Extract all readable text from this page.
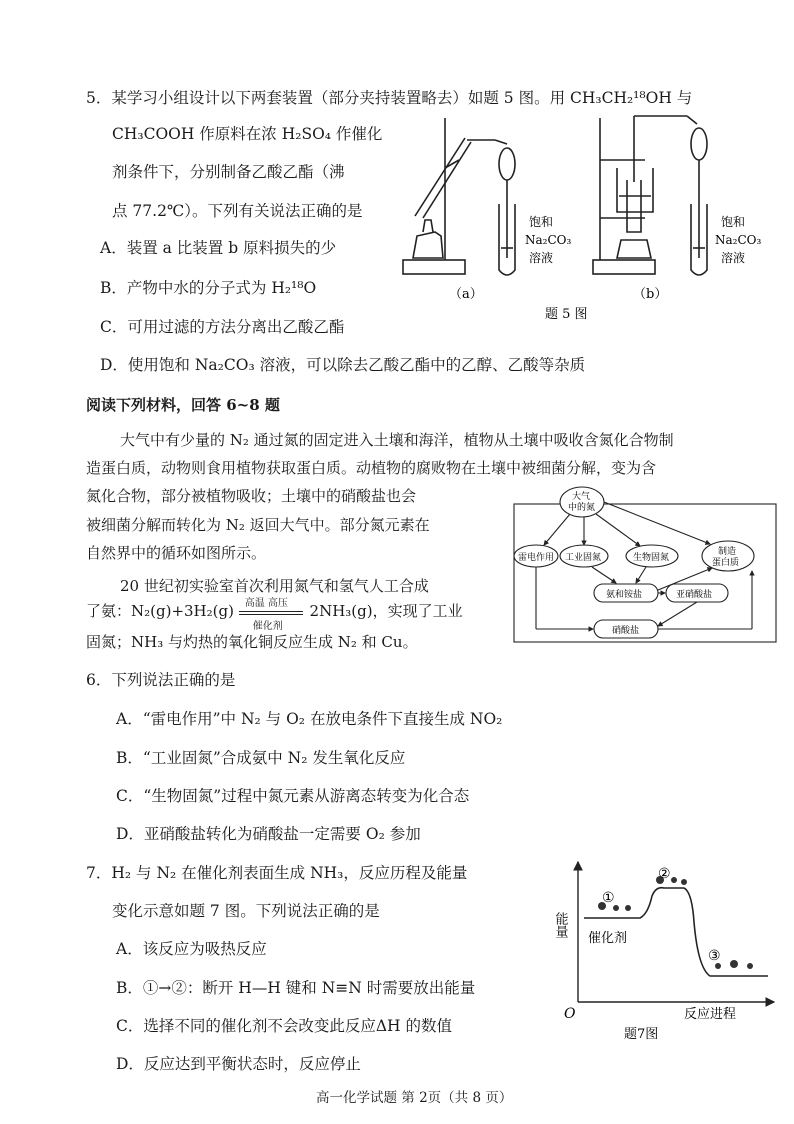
5．某学习小组设计以下两套装置（部分夹持装置略去）如题 5 图。用 CH₃CH₂¹⁸OH 与
CH₃COOH 作原料在浓 H₂SO₄ 作催化
剂条件下，分别制备乙酸乙酯（沸
点 77.2℃）。下列有关说法正确的是
A．装置 a 比装置 b 原料损失的少
B．产物中水的分子式为 H₂¹⁸O
C．可用过滤的方法分离出乙酸乙酯
D．使用饱和 Na₂CO₃ 溶液，可以除去乙酸乙酯中的乙醇、乙酸等杂质
饱和
Na₂CO₃
溶液
饱和
Na₂CO₃
溶液
（a）	（b）
题 5 图
阅读下列材料，回答 6~8 题
大气中有少量的 N₂ 通过氮的固定进入土壤和海洋，植物从土壤中吸收含氮化合物制
造蛋白质，动物则食用植物获取蛋白质。动植物的腐败物在土壤中被细菌分解，变为含
氮化合物，部分被植物吸收；土壤中的硝酸盐也会
被细菌分解而转化为 N₂ 返回大气中。部分氮元素在
自然界中的循环如图所示。
20 世纪初实验室首次利用氮气和氢气人工合成
了氨：N₂(g)+3H₂(g) 高温 高压
催化剂
2NH₃(g)，实现了工业
固氮；NH₃ 与灼热的氧化铜反应生成 N₂ 和 Cu。
大气
中的氮
雷电作用 工业固氮	生物固氮
制造
蛋白质
氨和铵盐	亚硝酸盐
硝酸盐
6．下列说法正确的是
A．“雷电作用”中 N₂ 与 O₂ 在放电条件下直接生成 NO₂
B．“工业固氮”合成氨中 N₂ 发生氧化反应
C．“生物固氮”过程中氮元素从游离态转变为化合态
D．亚硝酸盐转化为硝酸盐一定需要 O₂ 参加
7．H₂ 与 N₂ 在催化剂表面生成 NH₃，反应历程及能量
变化示意如题 7 图。下列说法正确的是
A．该反应为吸热反应
B．①→②：断开 H—H 键和 N≡N 时需要放出能量
C．选择不同的催化剂不会改变此反应ΔH 的数值
D．反应达到平衡状态时，反应停止
能量
O	反应进程
①
②
③
催化剂
题7图
高一化学试题 第 2页（共 8 页）
